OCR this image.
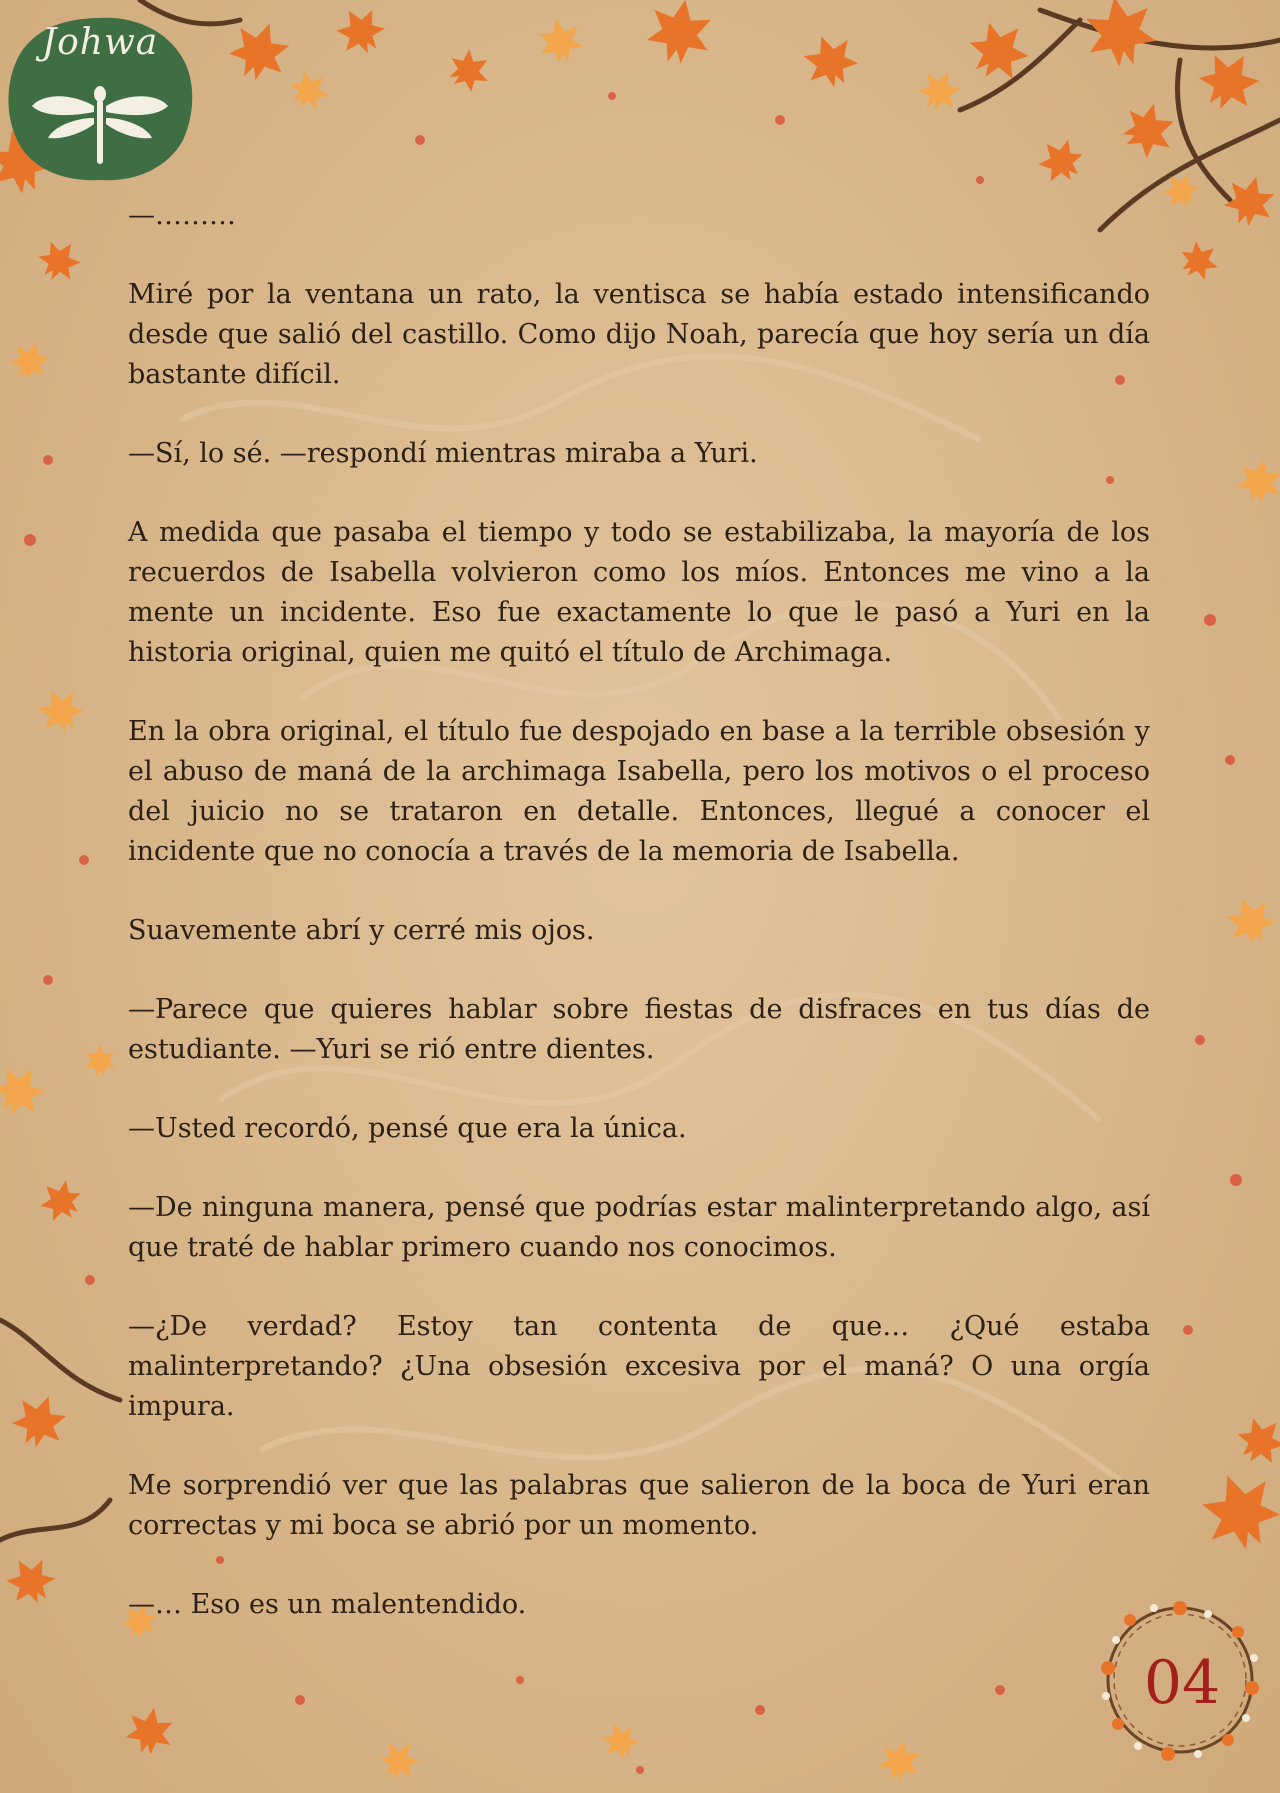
Johwa

—………

Miré por la ventana un rato, la ventisca se había estado intensificando desde que salió del castillo. Como dijo Noah, parecía que hoy sería un día bastante difícil.

—Sí, lo sé. —respondí mientras miraba a Yuri.

A medida que pasaba el tiempo y todo se estabilizaba, la mayoría de los recuerdos de Isabella volvieron como los míos. Entonces me vino a la mente un incidente. Eso fue exactamente lo que le pasó a Yuri en la historia original, quien me quitó el título de Archimaga.

En la obra original, el título fue despojado en base a la terrible obsesión y el abuso de maná de la archimaga Isabella, pero los motivos o el proceso del juicio no se trataron en detalle. Entonces, llegué a conocer el incidente que no conocía a través de la memoria de Isabella.

Suavemente abrí y cerré mis ojos.

—Parece que quieres hablar sobre fiestas de disfraces en tus días de estudiante. —Yuri se rió entre dientes.

—Usted recordó, pensé que era la única.

—De ninguna manera, pensé que podrías estar malinterpretando algo, así que traté de hablar primero cuando nos conocimos.

—¿De verdad? Estoy tan contenta de que… ¿Qué estaba malinterpretando? ¿Una obsesión excesiva por el maná? O una orgía impura.

Me sorprendió ver que las palabras que salieron de la boca de Yuri eran correctas y mi boca se abrió por un momento.

—… Eso es un malentendido.

04
